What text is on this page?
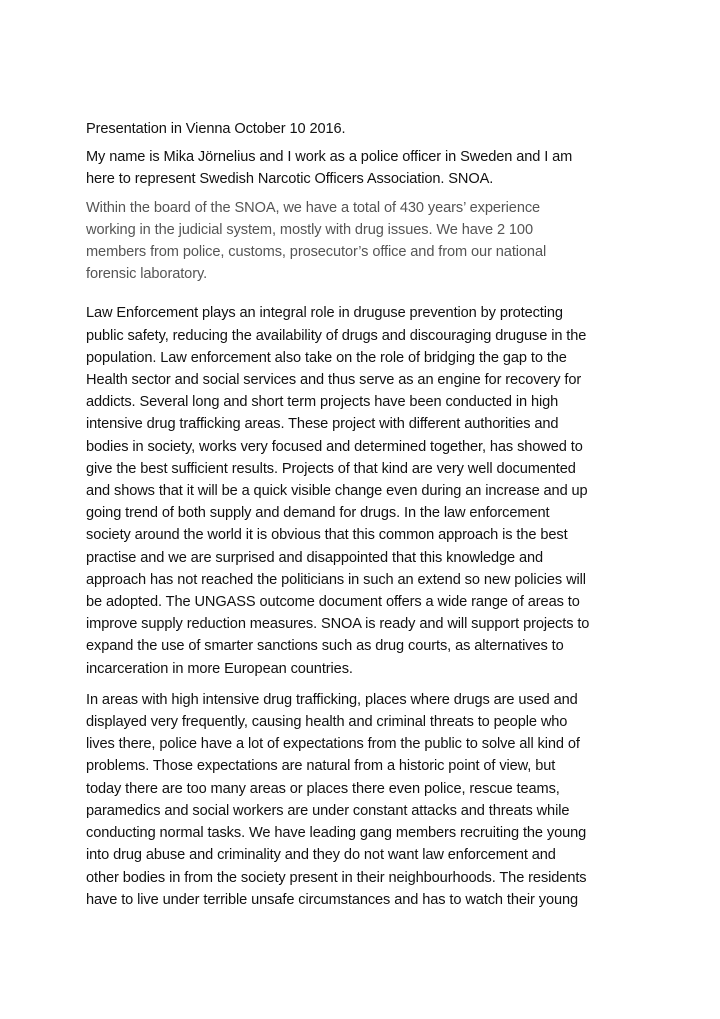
Presentation in Vienna October 10 2016.
My name is Mika Jörnelius and I work as a police officer in Sweden and I am
here to represent Swedish Narcotic Officers Association. SNOA.
Within the board of the SNOA, we have a total of 430 years’ experience
working in the judicial system, mostly with drug issues. We have 2 100
members from police, customs, prosecutor’s office and from our national
forensic laboratory.
Law Enforcement plays an integral role in druguse prevention by protecting
public safety, reducing the availability of drugs and discouraging druguse in the
population. Law enforcement also take on the role of bridging the gap to the
Health sector and social services and thus serve as an engine for recovery for
addicts. Several long and short term projects have been conducted in high
intensive drug trafficking areas. These project with different authorities and
bodies in society, works very focused and determined together, has showed to
give the best sufficient results. Projects of that kind are very well documented
and shows that it will be a quick visible change even during an increase and up
going trend of both supply and demand for drugs. In the law enforcement
society around the world it is obvious that this common approach is the best
practise and we are surprised and disappointed that this knowledge and
approach has not reached the politicians in such an extend so new policies will
be adopted. The UNGASS outcome document offers a wide range of areas to
improve supply reduction measures. SNOA is ready and will support projects to
expand the use of smarter sanctions such as drug courts, as alternatives to
incarceration in more European countries.
In areas with high intensive drug trafficking, places where drugs are used and
displayed very frequently, causing health and criminal threats to people who
lives there, police have a lot of expectations from the public to solve all kind of
problems. Those expectations are natural from a historic point of view, but
today there are too many areas or places there even police, rescue teams,
paramedics and social workers are under constant attacks and threats while
conducting normal tasks. We have leading gang members recruiting the young
into drug abuse and criminality and they do not want law enforcement and
other bodies in from the society present in their neighbourhoods. The residents
have to live under terrible unsafe circumstances and has to watch their young
